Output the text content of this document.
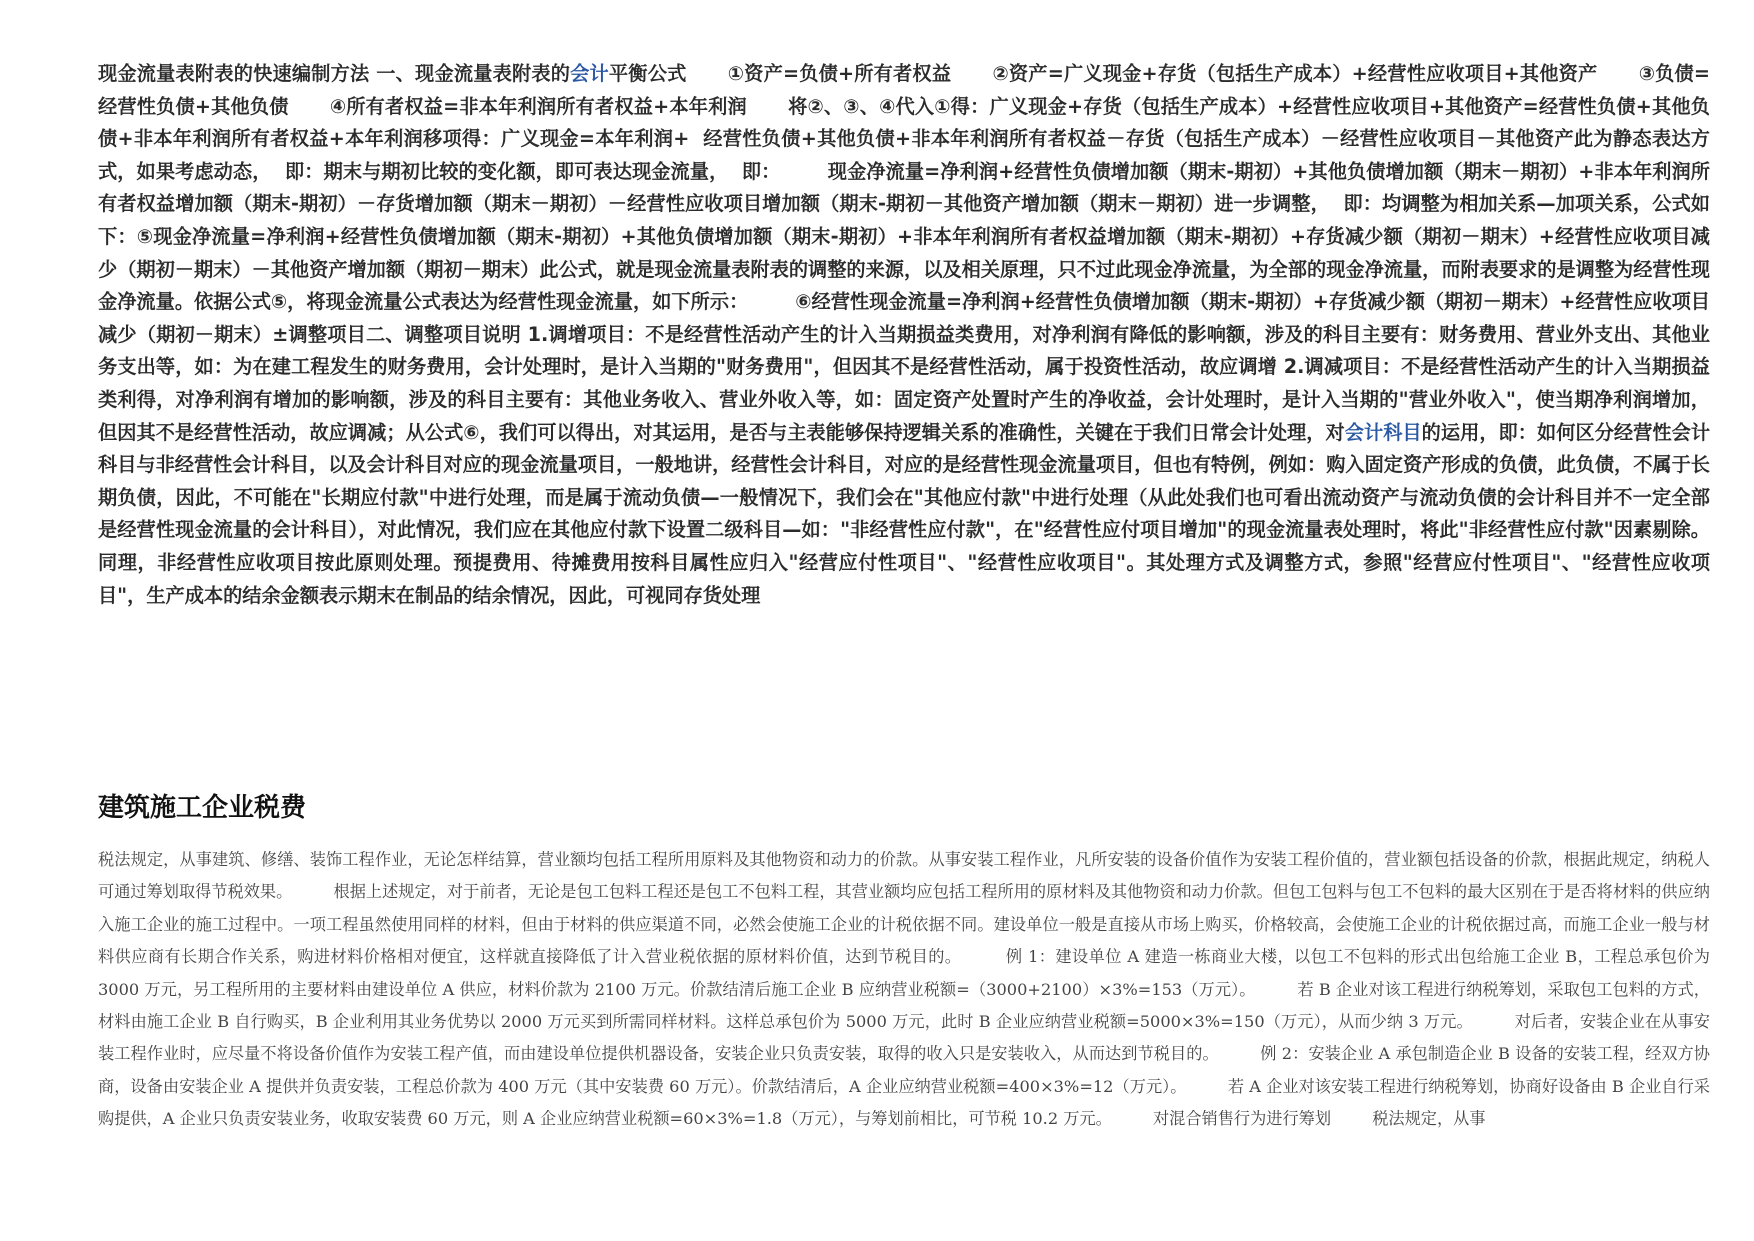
现金流量表附表的快速编制方法 一、现金流量表附表的会计平衡公式      ①资产=负债+所有者权益      ②资产=广义现金+存货（包括生产成本）+经营性应收项目+其他资产      ③负债=经营性负债+其他负债      ④所有者权益=非本年利润所有者权益+本年利润      将②、③、④代入①得：广义现金+存货（包括生产成本）+经营性应收项目+其他资产=经营性负债+其他负债+非本年利润所有者权益+本年利润移项得：广义现金=本年利润+  经营性负债+其他负债+非本年利润所有者权益－存货（包括生产成本）－经营性应收项目－其他资产此为静态表达方式，如果考虑动态，  即：期末与期初比较的变化额，即可表达现金流量，  即：       现金净流量=净利润+经营性负债增加额（期末-期初）+其他负债增加额（期末－期初）+非本年利润所有者权益增加额（期末-期初）－存货增加额（期末－期初）－经营性应收项目增加额（期末-期初－其他资产增加额（期末－期初）进一步调整，  即：均调整为相加关系—加项关系，公式如下：⑤现金净流量=净利润+经营性负债增加额（期末-期初）+其他负债增加额（期末-期初）+非本年利润所有者权益增加额（期末-期初）+存货减少额（期初－期末）+经营性应收项目减少（期初－期末）－其他资产增加额（期初－期末）此公式，就是现金流量表附表的调整的来源，以及相关原理，只不过此现金净流量，为全部的现金净流量，而附表要求的是调整为经营性现金净流量。依据公式⑤，将现金流量公式表达为经营性现金流量，如下所示：       ⑥经营性现金流量=净利润+经营性负债增加额（期末-期初）+存货减少额（期初－期末）+经营性应收项目减少（期初－期末）±调整项目二、调整项目说明 1.调增项目：不是经营性活动产生的计入当期损益类费用，对净利润有降低的影响额，涉及的科目主要有：财务费用、营业外支出、其他业务支出等，如：为在建工程发生的财务费用，会计处理时，是计入当期的"财务费用"，但因其不是经营性活动，属于投资性活动，故应调增 2.调减项目：不是经营性活动产生的计入当期损益类利得，对净利润有增加的影响额，涉及的科目主要有：其他业务收入、营业外收入等，如：固定资产处置时产生的净收益，会计处理时，是计入当期的"营业外收入"，使当期净利润增加，但因其不是经营性活动，故应调减；从公式⑥，我们可以得出，对其运用，是否与主表能够保持逻辑关系的准确性，关键在于我们日常会计处理，对会计科目的运用，即：如何区分经营性会计科目与非经营性会计科目，以及会计科目对应的现金流量项目，一般地讲，经营性会计科目，对应的是经营性现金流量项目，但也有特例，例如：购入固定资产形成的负债，此负债，不属于长期负债，因此，不可能在"长期应付款"中进行处理，而是属于流动负债—一般情况下，我们会在"其他应付款"中进行处理（从此处我们也可看出流动资产与流动负债的会计科目并不一定全部是经营性现金流量的会计科目），对此情况，我们应在其他应付款下设置二级科目—如："非经营性应付款"，在"经营性应付项目增加"的现金流量表处理时，将此"非经营性应付款"因素剔除。同理，非经营性应收项目按此原则处理。预提费用、待摊费用按科目属性应归入"经营应付性项目"、"经营性应收项目"。其处理方式及调整方式，参照"经营应付性项目"、"经营性应收项目"，生产成本的结余金额表示期末在制品的结余情况，因此，可视同存货处理

建筑施工企业税费

税法规定，从事建筑、修缮、装饰工程作业，无论怎样结算，营业额均包括工程所用原料及其他物资和动力的价款。从事安装工程作业，凡所安装的设备价值作为安装工程价值的，营业额包括设备的价款，根据此规定，纳税人可通过筹划取得节税效果。        根据上述规定，对于前者，无论是包工包料工程还是包工不包料工程，其营业额均应包括工程所用的原材料及其他物资和动力价款。但包工包料与包工不包料的最大区别在于是否将材料的供应纳入施工企业的施工过程中。一项工程虽然使用同样的材料，但由于材料的供应渠道不同，必然会使施工企业的计税依据不同。建设单位一般是直接从市场上购买，价格较高，会使施工企业的计税依据过高，而施工企业一般与材料供应商有长期合作关系，购进材料价格相对便宜，这样就直接降低了计入营业税依据的原材料价值，达到节税目的。        例 1：建设单位 A 建造一栋商业大楼，以包工不包料的形式出包给施工企业 B，工程总承包价为 3000 万元，另工程所用的主要材料由建设单位 A 供应，材料价款为 2100 万元。价款结清后施工企业 B 应纳营业税额=（3000+2100）×3%=153（万元）。        若 B 企业对该工程进行纳税筹划，采取包工包料的方式，材料由施工企业 B 自行购买，B 企业利用其业务优势以 2000 万元买到所需同样材料。这样总承包价为 5000 万元，此时 B 企业应纳营业税额=5000×3%=150（万元），从而少纳 3 万元。        对后者，安装企业在从事安装工程作业时，应尽量不将设备价值作为安装工程产值，而由建设单位提供机器设备，安装企业只负责安装，取得的收入只是安装收入，从而达到节税目的。        例 2：安装企业 A 承包制造企业 B 设备的安装工程，经双方协商，设备由安装企业 A 提供并负责安装，工程总价款为 400 万元（其中安装费 60 万元）。价款结清后，A 企业应纳营业税额=400×3%=12（万元）。        若 A 企业对该安装工程进行纳税筹划，协商好设备由 B 企业自行采购提供，A 企业只负责安装业务，收取安装费 60 万元，则 A 企业应纳营业税额=60×3%=1.8（万元），与筹划前相比，可节税 10.2 万元。        对混合销售行为进行筹划        税法规定，从事
